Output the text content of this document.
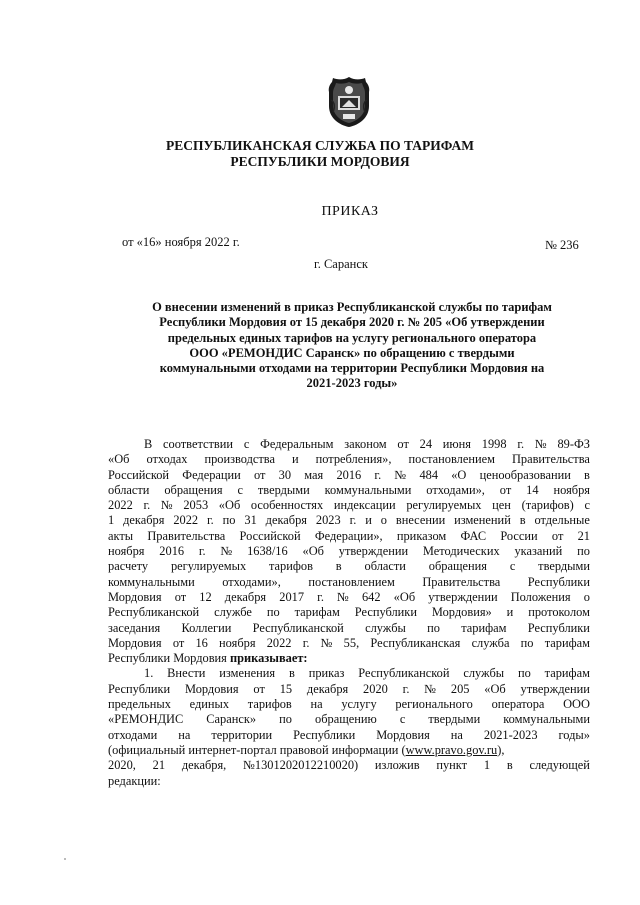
РЕСПУБЛИКАНСКАЯ СЛУЖБА ПО ТАРИФАМ
РЕСПУБЛИКИ МОРДОВИЯ
ПРИКАЗ
от «16» ноября 2022 г.	№ 236
г. Саранск
О внесении изменений в приказ Республиканской службы по тарифам
Республики Мордовия от 15 декабря 2020 г. № 205 «Об утверждении
предельных единых тарифов на услугу регионального оператора
ООО «РЕМОНДИС Саранск» по обращению с твердыми
коммунальными отходами на территории Республики Мордовия на
2021-2023 годы»
В соответствии с Федеральным законом от 24 июня 1998 г. № 89-ФЗ
«Об отходах производства и потребления», постановлением Правительства
Российской Федерации от 30 мая 2016 г. № 484 «О ценообразовании в
области обращения с твердыми коммунальными отходами», от 14 ноября
2022 г. № 2053 «Об особенностях индексации регулируемых цен (тарифов) с
1 декабря 2022 г. по 31 декабря 2023 г. и о внесении изменений в отдельные
акты Правительства Российской Федерации», приказом ФАС России от 21
ноября 2016 г. № 1638/16 «Об утверждении Методических указаний по
расчету регулируемых тарифов в области обращения с твердыми
коммунальными отходами», постановлением Правительства Республики
Мордовия от 12 декабря 2017 г. № 642 «Об утверждении Положения о
Республиканской службе по тарифам Республики Мордовия» и протоколом
заседания Коллегии Республиканской службы по тарифам Республики
Мордовия от 16 ноября 2022 г. № 55, Республиканская служба по тарифам
Республики Мордовия
приказывает:
1. Внести изменения в приказ Республиканской службы по тарифам
Республики Мордовия от 15 декабря 2020 г. № 205 «Об утверждении
предельных единых тарифов на услугу регионального оператора ООО
«РЕМОНДИС Саранск» по обращению с твердыми коммунальными
отходами на территории Республики Мордовия на 2021-2023 годы»
(официальный интернет-портал правовой информации (www.pravo.gov.ru),
2020, 21 декабря, №1301202012210020) изложив пункт 1 в следующей
редакции:
